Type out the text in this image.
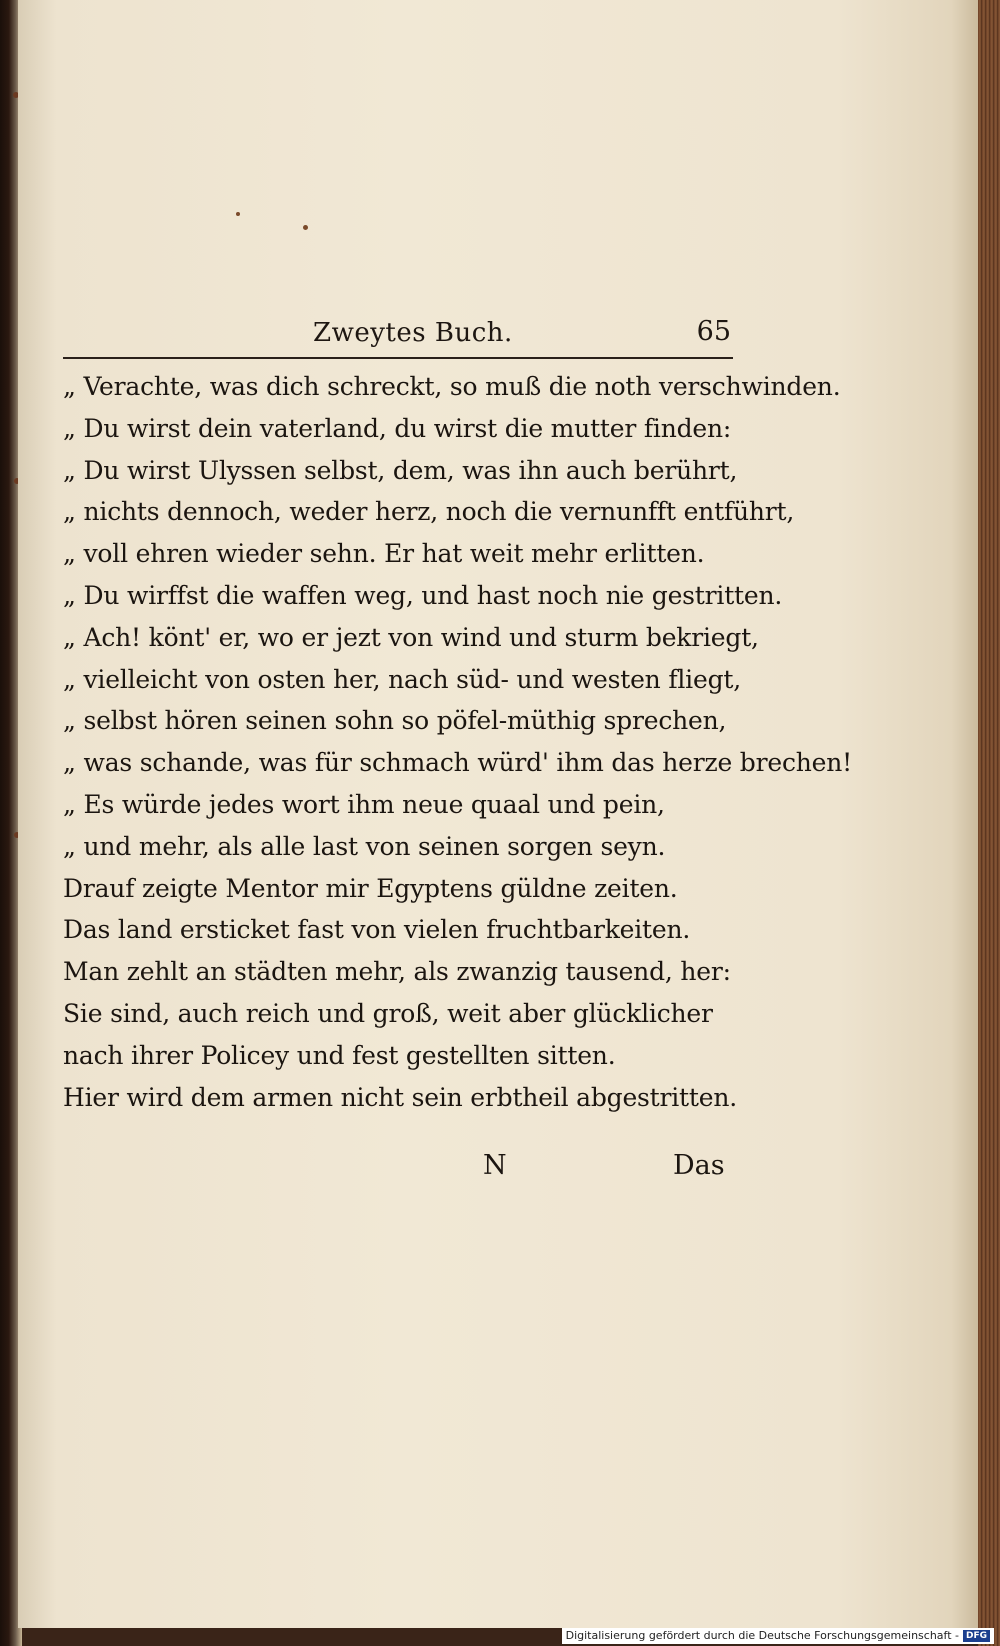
Zweytes Buch.	65
„ Verachte, was dich schreckt, so muß die noth verschwinden.
„ Du wirst dein vaterland, du wirst die mutter finden:
„ Du wirst Ulyssen selbst, dem, was ihn auch berührt,
„ nichts dennoch, weder herz, noch die vernunfft entführt,
„ voll ehren wieder sehn. Er hat weit mehr erlitten.
„ Du wirffst die waffen weg, und hast noch nie gestritten.
„ Ach! könt' er, wo er jezt von wind und sturm bekriegt,
„ vielleicht von osten her, nach süd- und westen fliegt,
„ selbst hören seinen sohn so pöfel-müthig sprechen,
„ was schande, was für schmach würd' ihm das herze brechen!
„ Es würde jedes wort ihm neue quaal und pein,
„ und mehr, als alle last von seinen sorgen seyn.
Drauf zeigte Mentor mir Egyptens güldne zeiten.
Das land ersticket fast von vielen fruchtbarkeiten.
Man zehlt an städten mehr, als zwanzig tausend, her:
Sie sind, auch reich und groß, weit aber glücklicher
nach ihrer Policey und fest gestellten sitten.
Hier wird dem armen nicht sein erbtheil abgestritten.
N	Das
Digitalisierung gefördert durch die Deutsche Forschungsgemeinschaft - DFG
